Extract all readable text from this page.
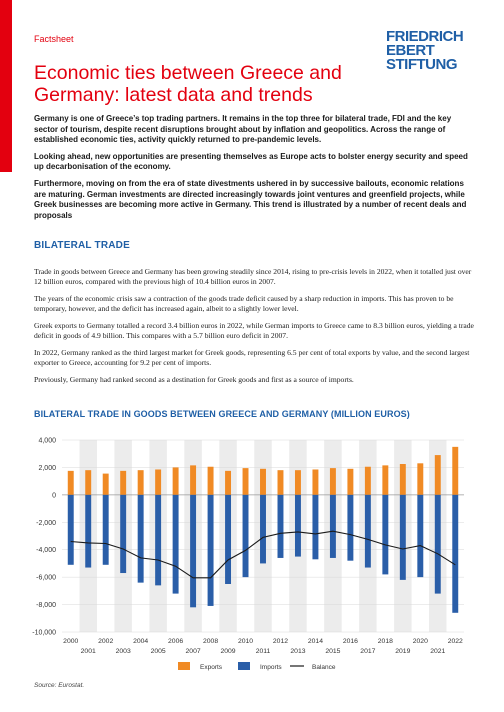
Factsheet	FRIEDRICH
EBERT
STIFTUNG
Economic ties between Greece and Germany: latest data and trends

Germany is one of Greece’s top trading partners. It remains in the top three for bilateral trade, FDI and the key sector of tourism, despite recent disruptions brought about by inflation and geopolitics. Across the range of established economic ties, activity quickly returned to pre-pandemic levels.

Looking ahead, new opportunities are presenting themselves as Europe acts to bolster energy security and speed up decarbonisation of the economy.

Furthermore, moving on from the era of state divestments ushered in by successive bailouts, economic relations are maturing. German investments are directed increasingly towards joint ventures and greenfield projects, while Greek businesses are becoming more active in Germany. This trend is illustrated by a number of recent deals and proposals

BILATERAL TRADE

Trade in goods between Greece and Germany has been growing steadily since 2014, rising to pre-crisis levels in 2022, when it totalled just over 12 billion euros, compared with the previous high of 10.4 billion euros in 2007.

The years of the economic crisis saw a contraction of the goods trade deficit caused by a sharp reduction in imports. This has proven to be temporary, however, and the deficit has increased again, albeit to a slightly lower level.

Greek exports to Germany totalled a record 3.4 billion euros in 2022, while German imports to Greece came to 8.3 billion euros, yielding a trade deficit in goods of 4.9 billion. This compares with a 5.7 billion euro deficit in 2007.

In 2022, Germany ranked as the third largest market for Greek goods, representing 6.5 per cent of total exports by value, and the second largest exporter to Greece, accounting for 9.2 per cent of imports.

Previously, Germany had ranked second as a destination for Greek goods and first as a source of imports.

BILATERAL TRADE IN GOODS BETWEEN GREECE AND GERMANY (MILLION EUROS)
4,000
2,000
0
-2,000
-4,000
-6,000
-8,000
-10,000
2000
2001
2002
2003
2004
2005
2006
2007
2008
2009
2010
2011
2012
2013
2014
2015
2016
2017
2018
2019
2020
2021
2022
Exports	Imports	Balance
Source: Eurostat.
